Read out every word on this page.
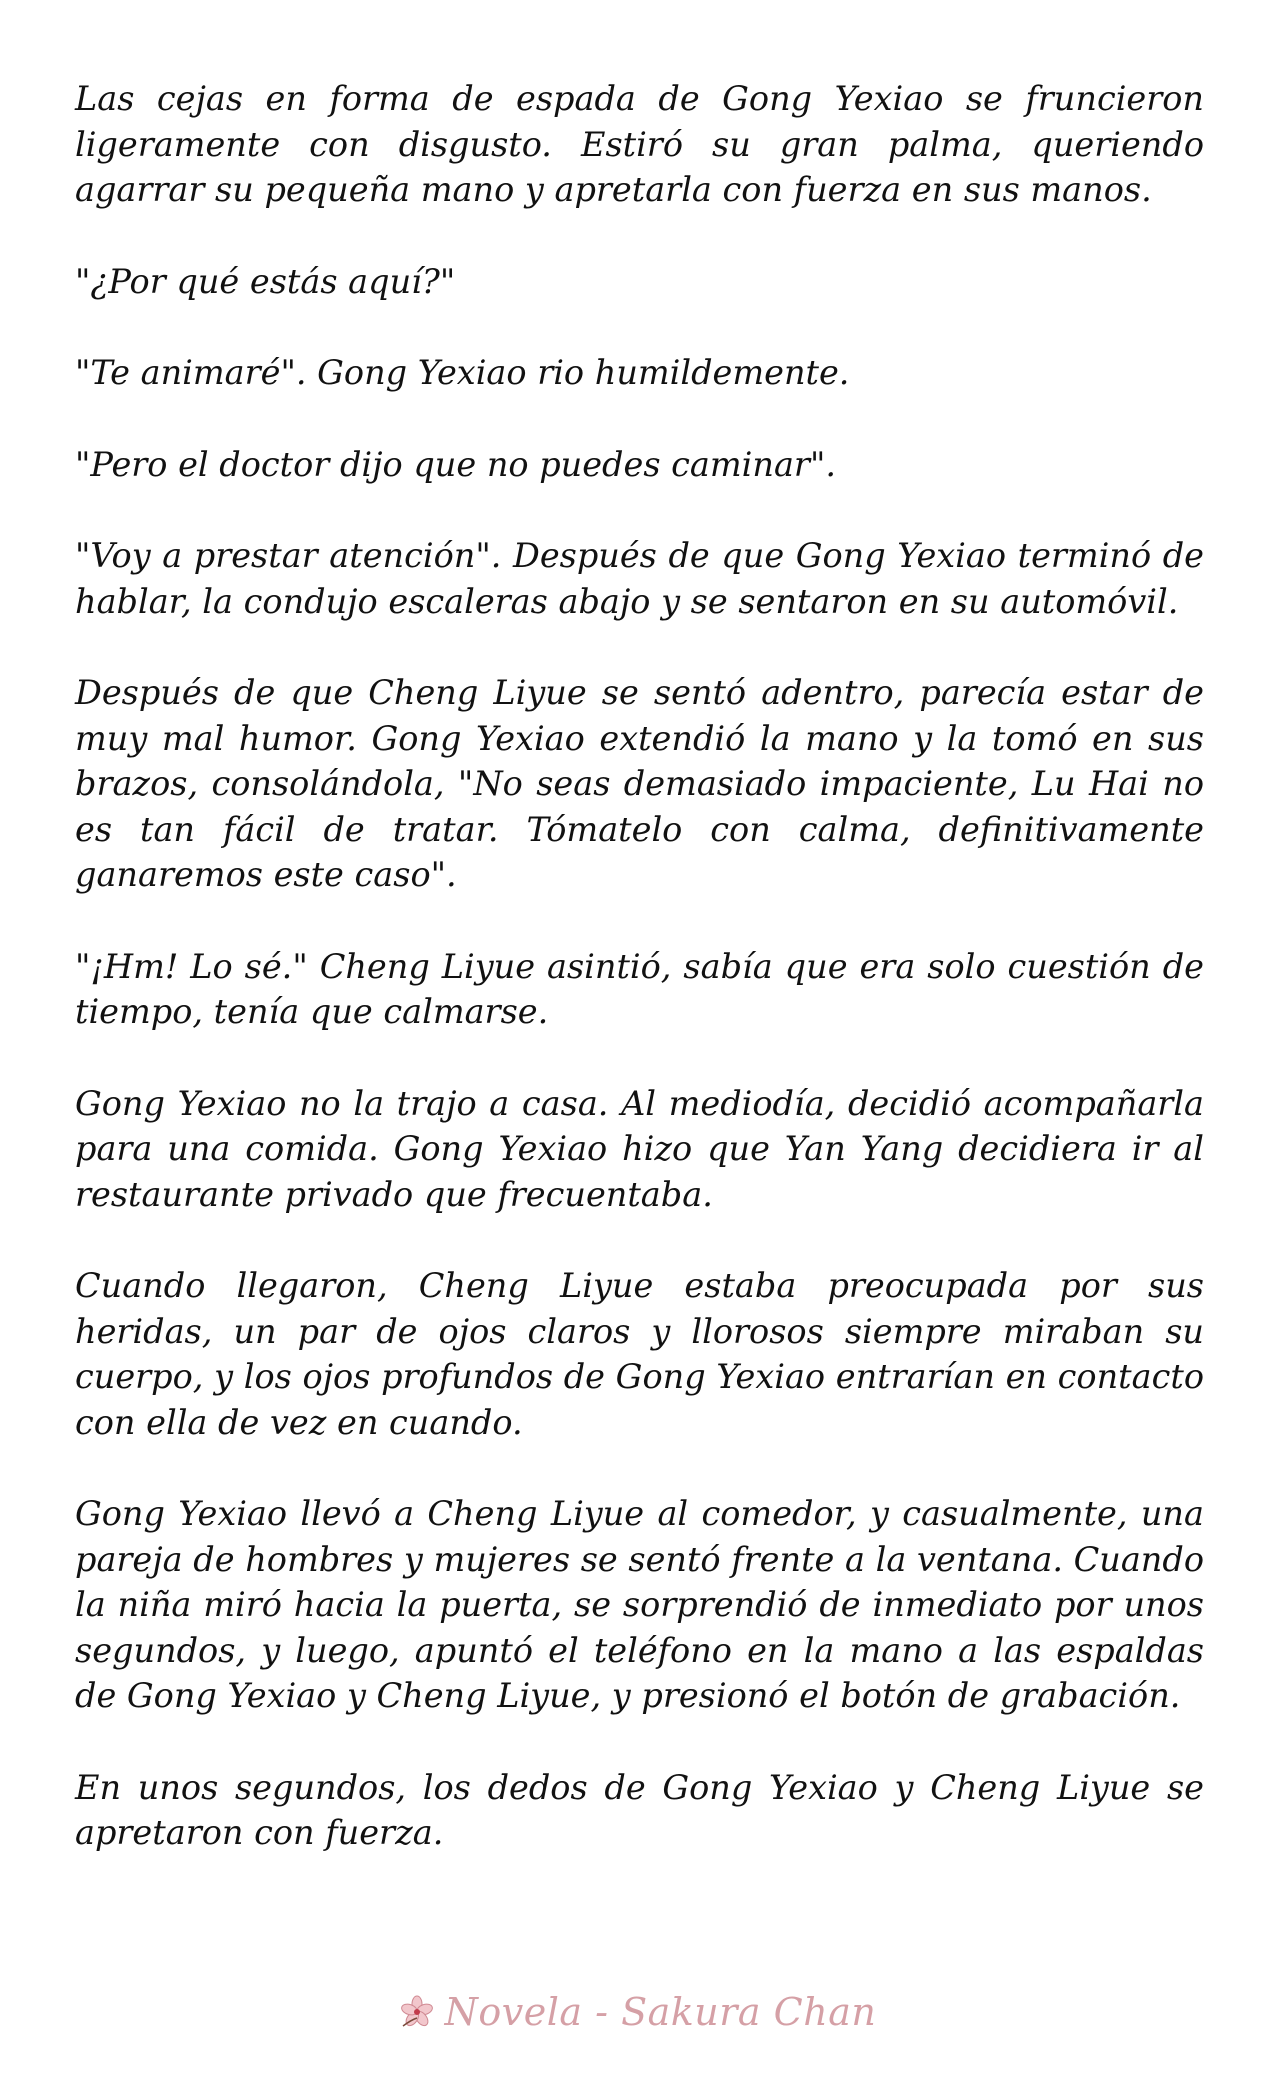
Las cejas en forma de espada de Gong Yexiao se fruncieron ligeramente con disgusto. Estiró su gran palma, queriendo agarrar su pequeña mano y apretarla con fuerza en sus manos.

"¿Por qué estás aquí?"

"Te animaré". Gong Yexiao rio humildemente.

"Pero el doctor dijo que no puedes caminar".

"Voy a prestar atención". Después de que Gong Yexiao terminó de hablar, la condujo escaleras abajo y se sentaron en su automóvil.

Después de que Cheng Liyue se sentó adentro, parecía estar de muy mal humor. Gong Yexiao extendió la mano y la tomó en sus brazos, consolándola, "No seas demasiado impaciente, Lu Hai no es tan fácil de tratar. Tómatelo con calma, definitivamente ganaremos este caso".

"¡Hm! Lo sé." Cheng Liyue asintió, sabía que era solo cuestión de tiempo, tenía que calmarse.

Gong Yexiao no la trajo a casa. Al mediodía, decidió acompañarla para una comida. Gong Yexiao hizo que Yan Yang decidiera ir al restaurante privado que frecuentaba.

Cuando llegaron, Cheng Liyue estaba preocupada por sus heridas, un par de ojos claros y llorosos siempre miraban su cuerpo, y los ojos profundos de Gong Yexiao entrarían en contacto con ella de vez en cuando.

Gong Yexiao llevó a Cheng Liyue al comedor, y casualmente, una pareja de hombres y mujeres se sentó frente a la ventana. Cuando la niña miró hacia la puerta, se sorprendió de inmediato por unos segundos, y luego, apuntó el teléfono en la mano a las espaldas de Gong Yexiao y Cheng Liyue, y presionó el botón de grabación.

En unos segundos, los dedos de Gong Yexiao y Cheng Liyue se apretaron con fuerza.

Novela - Sakura Chan
